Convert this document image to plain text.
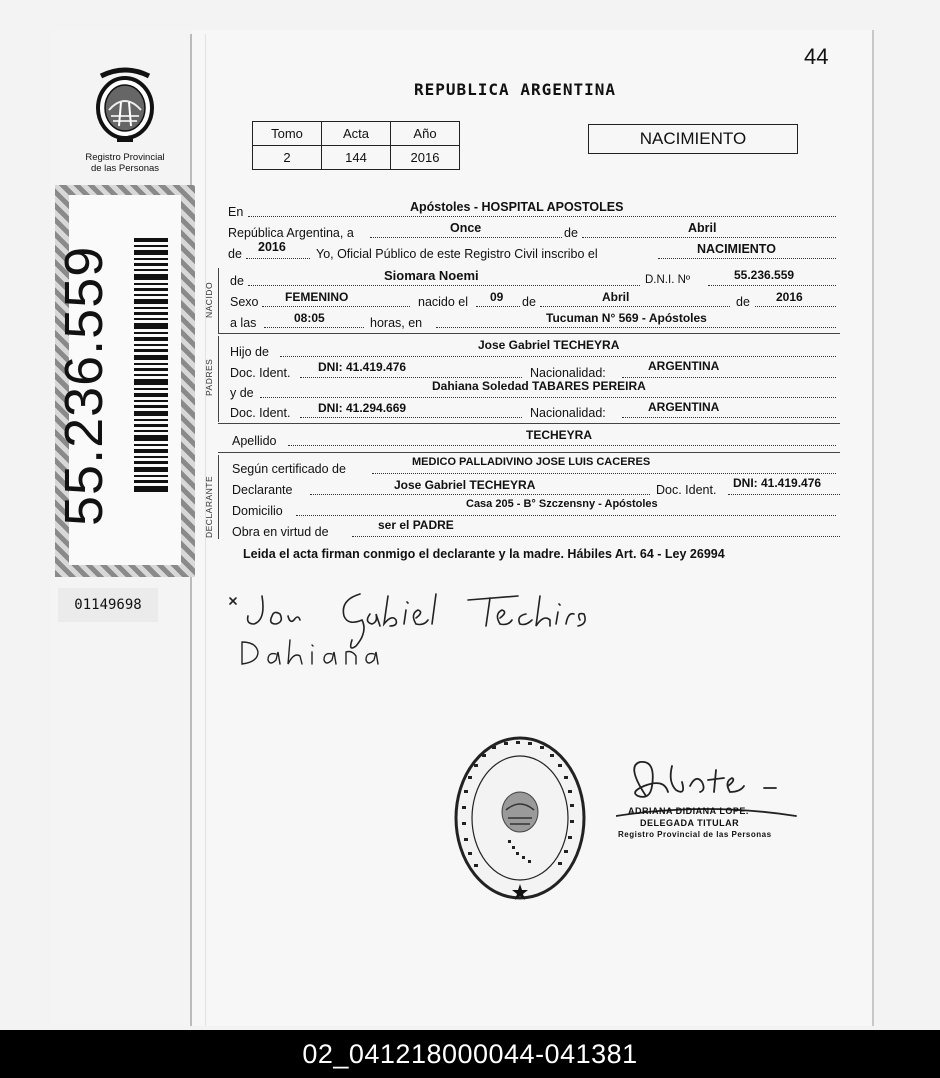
44
Registro Provincial
de las Personas
REPUBLICA ARGENTINA
Tomo	Acta	Año
2	144	2016
NACIMIENTO
55.236.559
01149698
NACIDO
PADRES
DECLARANTE
En	Apóstoles - HOSPITAL APOSTOLES
República Argentina, a	Once	de	Abril
de 2016 Yo, Oficial Público de este Registro Civil inscribo el	NACIMIENTO
de	Siomara Noemi	D.N.I. Nº	55.236.559
Sexo FEMENINO	nacido el 09 de	Abril	de 2016
a las	08:05	horas, en	Tucuman N° 569 - Apóstoles
Hijo de	Jose Gabriel TECHEYRA
Doc. Ident. DNI: 41.419.476	Nacionalidad:	ARGENTINA
y de	Dahiana Soledad TABARES PEREIRA
Doc. Ident. DNI: 41.294.669	Nacionalidad:	ARGENTINA
Apellido	TECHEYRA
Según certificado de	MEDICO PALLADIVINO JOSE LUIS CACERES
Declarante	Jose Gabriel TECHEYRA	Doc. Ident. DNI: 41.419.476
Domicilio	Casa 205 - B° Szczensny - Apóstoles
Obra en virtud de	ser el PADRE
Leida el acta firman conmigo el declarante y la madre. Hábiles Art. 64 - Ley 26994
ADRIANA DIDIANA LOPE.
DELEGADA TITULAR
Registro Provincial de las Personas
02_041218000044-041381
